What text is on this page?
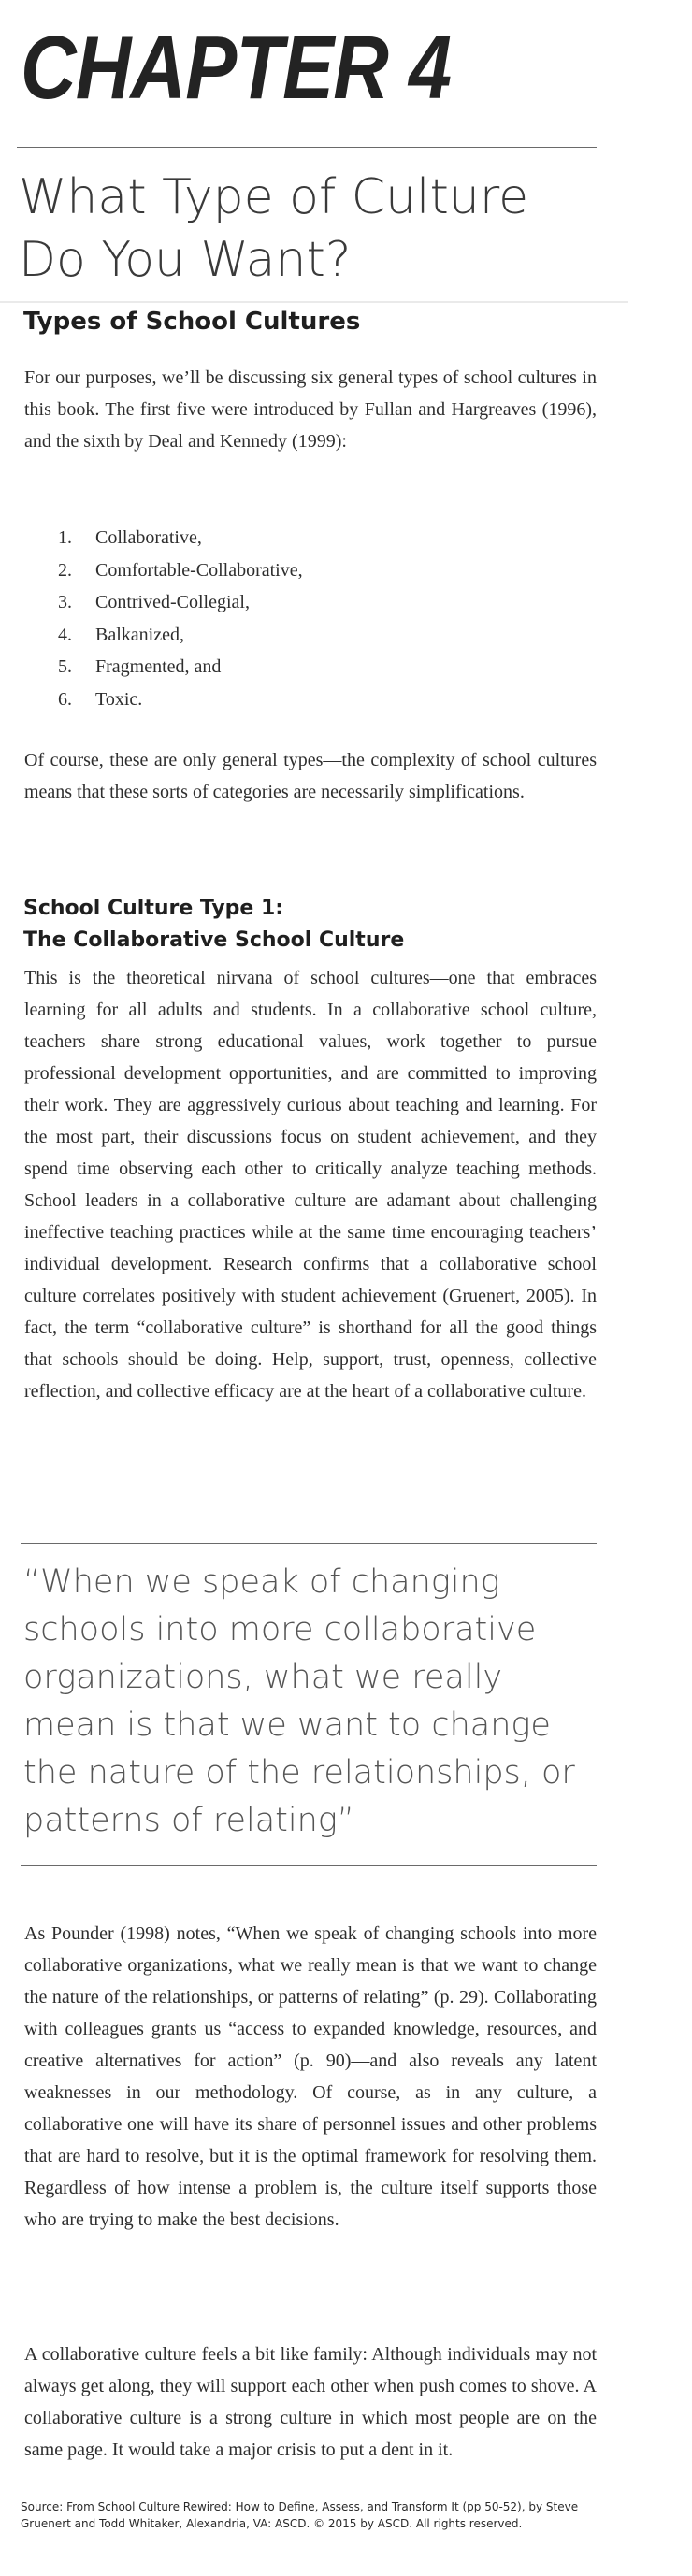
CHAPTER 4
What Type of Culture
Do You Want?
Types of School Cultures

For our purposes, we’ll be discussing six general types of school cultures in this book. The first five were introduced by Fullan and Hargreaves (1996), and the sixth by Deal and Kennedy (1999):

1.	Collaborative,
2.	Comfortable-Collaborative,
3.	Contrived-Collegial,
4.	Balkanized,
5.	Fragmented, and
6.	Toxic.

Of course, these are only general types—the complexity of school cultures means that these sorts of categories are necessarily simplifications.

School Culture Type 1:
The Collaborative School Culture

This is the theoretical nirvana of school cultures—one that embraces learning for all adults and students. In a collaborative school culture, teachers share strong educational values, work together to pursue professional development opportunities, and are committed to improving their work. They are aggressively curious about teaching and learning. For the most part, their discussions focus on student achievement, and they spend time observing each other to critically analyze teaching methods. School leaders in a collaborative culture are adamant about challenging ineffective teaching practices while at the same time encouraging teachers’ individual development. Research confirms that a collaborative school culture correlates positively with student achievement (Gruenert, 2005). In fact, the term “collaborative culture” is shorthand for all the good things that schools should be doing. Help, support, trust, openness, collective reflection, and collective efficacy are at the heart of a collaborative culture.

“When we speak of changing schools into more collaborative organizations, what we really mean is that we want to change the nature of the relationships, or patterns of relating”

As Pounder (1998) notes, “When we speak of changing schools into more collaborative organizations, what we really mean is that we want to change the nature of the relationships, or patterns of relating” (p. 29). Collaborating with colleagues grants us “access to expanded knowledge, resources, and creative alternatives for action” (p. 90)—and also reveals any latent weaknesses in our methodology. Of course, as in any culture, a collaborative one will have its share of personnel issues and other problems that are hard to resolve, but it is the optimal framework for resolving them. Regardless of how intense a problem is, the culture itself supports those who are trying to make the best decisions.

A collaborative culture feels a bit like family: Although individuals may not always get along, they will support each other when push comes to shove. A collaborative culture is a strong culture in which most people are on the same page. It would take a major crisis to put a dent in it.

Source: From School Culture Rewired: How to Define, Assess, and Transform It (pp 50-52), by Steve Gruenert and Todd Whitaker, Alexandria, VA: ASCD. © 2015 by ASCD. All rights reserved.
